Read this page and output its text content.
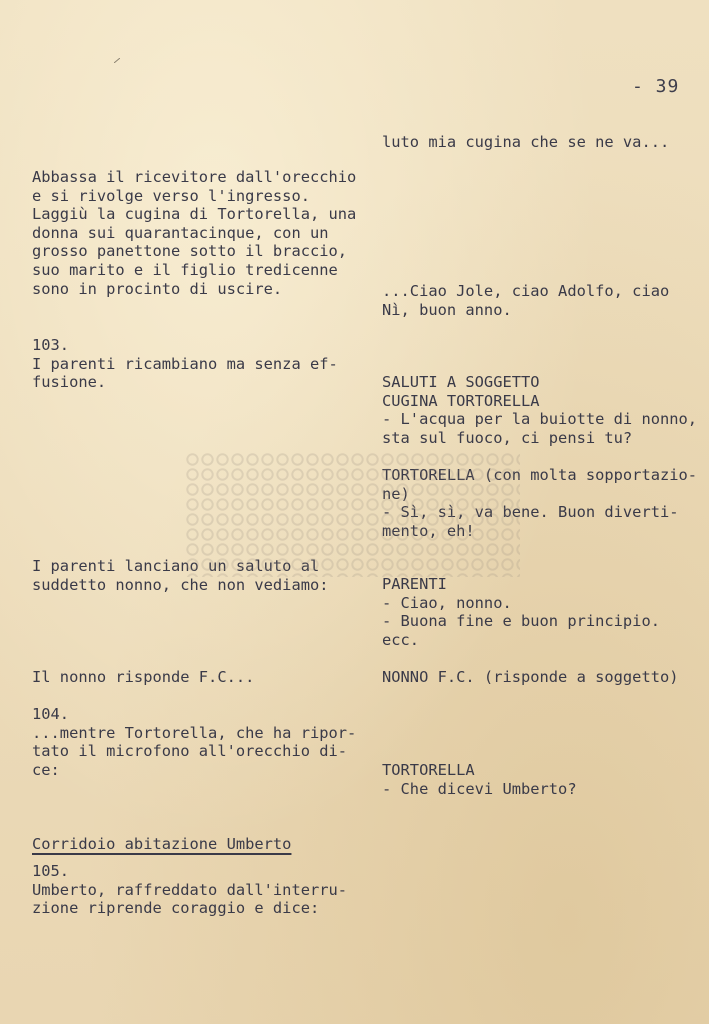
- 39

Abbassa il ricevitore dall'orecchio
e si rivolge verso l'ingresso.
Laggiù la cugina di Tortorella, una
donna sui quarantacinque, con un
grosso panettone sotto il braccio,
suo marito e il figlio tredicenne
sono in procinto di uscire.

103.
I parenti ricambiano ma senza ef-
fusione.

I parenti lanciano un saluto al
suddetto nonno, che non vediamo:

Il nonno risponde F.C...

104.
...mentre Tortorella, che ha ripor-
tato il microfono all'orecchio di-
ce:

Corridoio abitazione Umberto

105.
Umberto, raffreddato dall'interru-
zione riprende coraggio e dice:

luto mia cugina che se ne va...

...Ciao Jole, ciao Adolfo, ciao
Nì, buon anno.

SALUTI A SOGGETTO
CUGINA TORTORELLA
- L'acqua per la buiotte di nonno,
sta sul fuoco, ci pensi tu?

TORTORELLA (con molta sopportazio-
ne)
- Sì, sì, va bene. Buon diverti-
mento, eh!

PARENTI
- Ciao, nonno.
- Buona fine e buon principio.
ecc.

NONNO F.C. (risponde a soggetto)

TORTORELLA
- Che dicevi Umberto?
